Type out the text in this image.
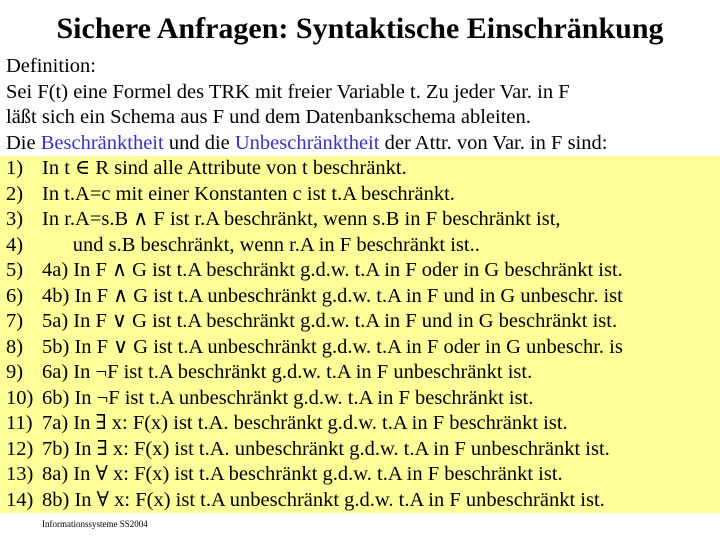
Sichere Anfragen: Syntaktische Einschränkung
Definition:
Sei F(t) eine Formel des TRK mit freier Variable t. Zu jeder Var. in F
läßt sich ein Schema aus F und dem Datenbankschema ableiten.
Die Beschränktheit und die Unbeschränktheit der Attr. von Var. in F sind:
1) In t ∈ R sind alle Attribute von t beschränkt.
2) In t.A=c mit einer Konstanten c ist t.A beschränkt.
3) In r.A=s.B ∧ F ist r.A beschränkt, wenn s.B in F beschränkt ist,
4)      und s.B beschränkt, wenn r.A in F beschränkt ist..
5) 4a) In F ∧ G ist t.A beschränkt g.d.w. t.A in F oder in G beschränkt ist.
6) 4b) In F ∧ G ist t.A unbeschränkt g.d.w. t.A in F und in G unbeschr. ist
7) 5a) In F ∨ G ist t.A beschränkt g.d.w. t.A in F und in G beschränkt ist.
8) 5b) In F ∨ G ist t.A unbeschränkt g.d.w. t.A in F oder in G unbeschr. is
9) 6a) In ¬F ist t.A beschränkt g.d.w. t.A in F unbeschränkt ist.
10) 6b) In ¬F ist t.A unbeschränkt g.d.w. t.A in F beschränkt ist.
11) 7a) In ∃ x: F(x) ist t.A. beschränkt g.d.w. t.A in F beschränkt ist.
12) 7b) In ∃ x: F(x) ist t.A. unbeschränkt g.d.w. t.A in F unbeschränkt ist.
13) 8a) In ∀ x: F(x) ist t.A beschränkt g.d.w. t.A in F beschränkt ist.
14) 8b) In ∀ x: F(x) ist t.A unbeschränkt g.d.w. t.A in F unbeschränkt ist.
Informationssysteme SS2004
